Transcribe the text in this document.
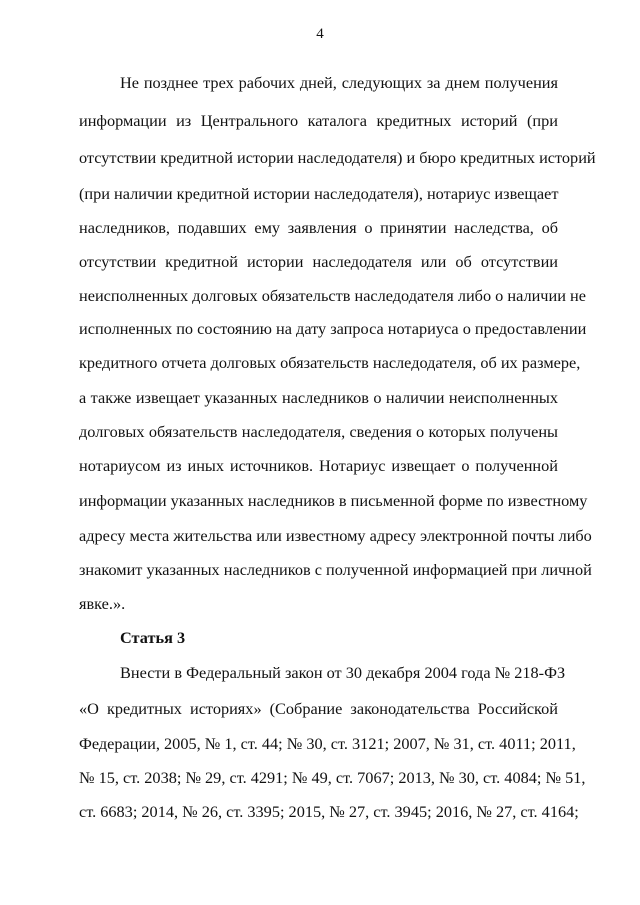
4
Не позднее трех рабочих дней, следующих за днем получения
информации из Центрального каталога кредитных историй (при
отсутствии кредитной истории наследодателя) и бюро кредитных историй
(при наличии кредитной истории наследодателя), нотариус извещает
наследников, подавших ему заявления о принятии наследства, об
отсутствии кредитной истории наследодателя или об отсутствии
неисполненных долговых обязательств наследодателя либо о наличии не
исполненных по состоянию на дату запроса нотариуса о предоставлении
кредитного отчета долговых обязательств наследодателя, об их размере,
а также извещает указанных наследников о наличии неисполненных
долговых обязательств наследодателя, сведения о которых получены
нотариусом из иных источников. Нотариус извещает о полученной
информации указанных наследников в письменной форме по известному
адресу места жительства или известному адресу электронной почты либо
знакомит указанных наследников с полученной информацией при личной
явке.».
Статья 3
Внести в Федеральный закон от 30 декабря 2004 года № 218-ФЗ
«О кредитных историях» (Собрание законодательства Российской
Федерации, 2005, № 1, ст. 44; № 30, ст. 3121; 2007, № 31, ст. 4011; 2011,
№ 15, ст. 2038; № 29, ст. 4291; № 49, ст. 7067; 2013, № 30, ст. 4084; № 51,
ст. 6683; 2014, № 26, ст. 3395; 2015, № 27, ст. 3945; 2016, № 27, ст. 4164;
